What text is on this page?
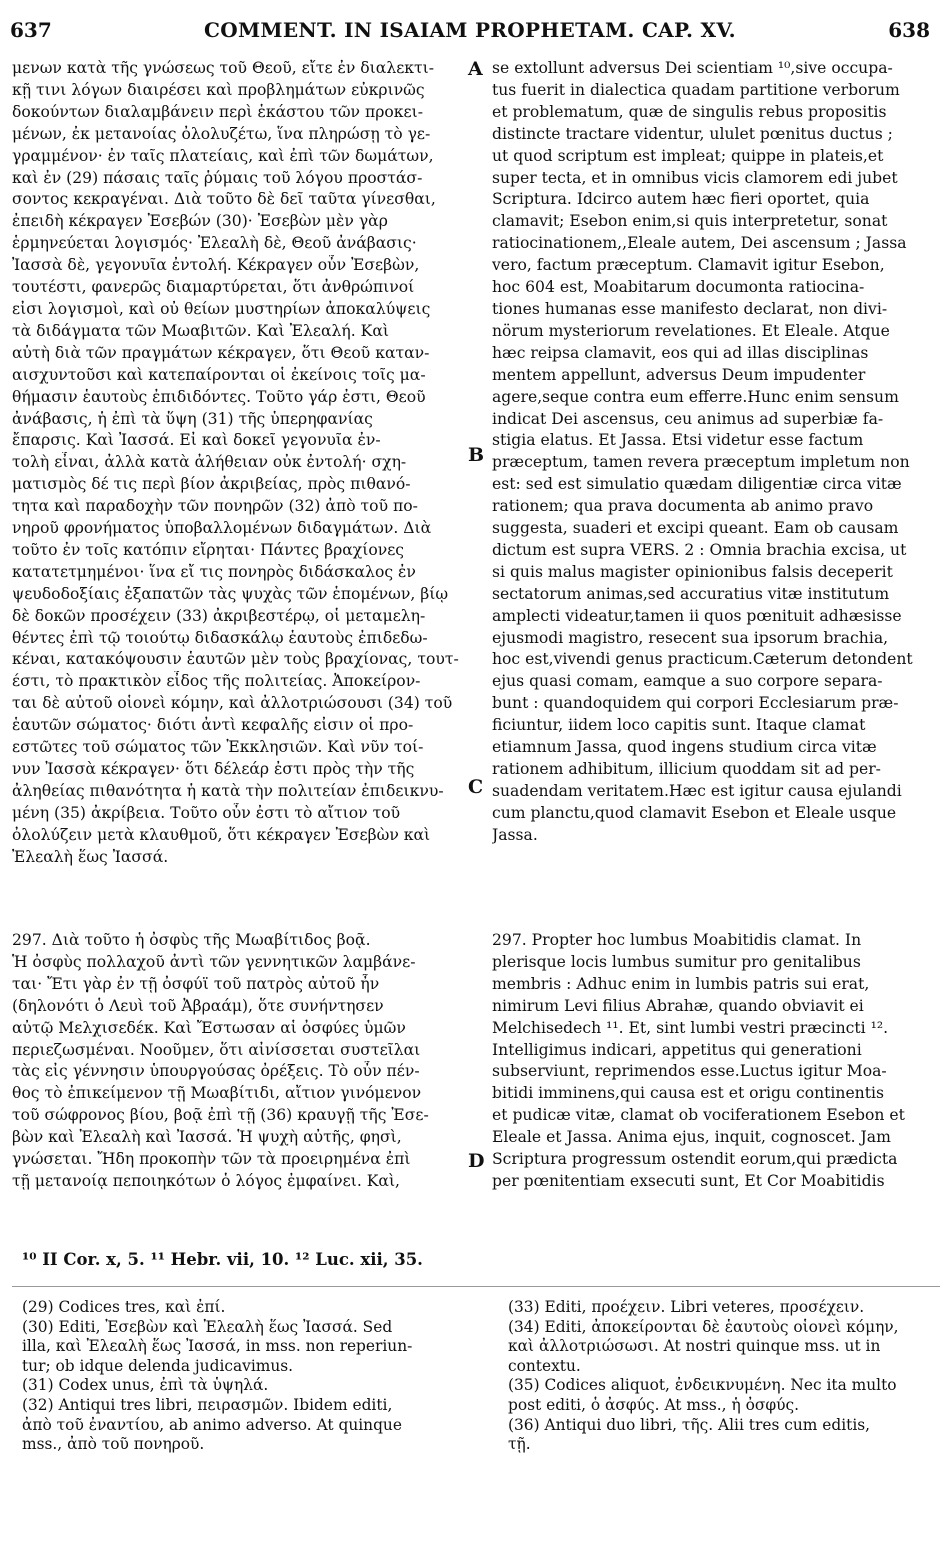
637	COMMENT. IN ISAIAM PROPHETAM. CAP. XV.	638
μενων κατὰ τῆς γνώσεως τοῦ Θεοῦ, εἴτε ἐν διαλεκτι-
κῇ τινι λόγων διαιρέσει καὶ προβλημάτων εὐκρινῶς
δοκούντων διαλαμβάνειν περὶ ἑκάστου τῶν προκει-
μένων, ἐκ μετανοίας ὀλολυζέτω, ἵνα πληρώσῃ τὸ γε-
γραμμένον· ἐν ταῖς πλατείαις, καὶ ἐπὶ τῶν δωμάτων,
καὶ ἐν (29) πάσαις ταῖς ῥύμαις τοῦ λόγου προστάσ-
σοντος κεκραγέναι. Διὰ τοῦτο δὲ δεῖ ταῦτα γίνεσθαι,
ἐπειδὴ κέκραγεν Ἐσεβών (30)· Ἐσεβὼν μὲν γὰρ
ἑρμηνεύεται λογισμός· Ἐλεαλὴ δὲ, Θεοῦ ἀνάβασις·
Ἰασσὰ δὲ, γεγονυῖα ἐντολή. Κέκραγεν οὖν Ἐσεβὼν,
τουτέστι, φανερῶς διαμαρτύρεται, ὅτι ἀνθρώπινοί
εἰσι λογισμοὶ, καὶ οὐ θείων μυστηρίων ἀποκαλύψεις
τὰ διδάγματα τῶν Μωαβιτῶν. Καὶ Ἐλεαλή. Καὶ
αὐτὴ διὰ τῶν πραγμάτων κέκραγεν, ὅτι Θεοῦ καταν-
αισχυντοῦσι καὶ κατεπαίρονται οἱ ἐκείνοις τοῖς μα-
θήμασιν ἑαυτοὺς ἐπιδιδόντες. Τοῦτο γάρ ἐστι, Θεοῦ
ἀνάβασις, ἡ ἐπὶ τὰ ὕψη (31) τῆς ὑπερηφανίας
ἔπαρσις. Καὶ Ἰασσά. Εἰ καὶ δοκεῖ γεγονυῖα ἐν-
τολὴ εἶναι, ἀλλὰ κατὰ ἀλήθειαν οὐκ ἐντολή· σχη-
ματισμὸς δέ τις περὶ βίον ἀκριβείας, πρὸς πιθανό-
τητα καὶ παραδοχὴν τῶν πονηρῶν (32) ἀπὸ τοῦ πο-
νηροῦ φρονήματος ὑποβαλλομένων διδαγμάτων. Διὰ
τοῦτο ἐν τοῖς κατόπιν εἴρηται· Πάντες βραχίονες
κατατετμημένοι· ἵνα εἴ τις πονηρὸς διδάσκαλος ἐν
ψευδοδοξίαις ἐξαπατῶν τὰς ψυχὰς τῶν ἑπομένων, βίῳ
δὲ δοκῶν προσέχειν (33) ἀκριβεστέρῳ, οἱ μεταμελη-
θέντες ἐπὶ τῷ τοιούτῳ διδασκάλῳ ἑαυτοὺς ἐπιδεδω-
κέναι, κατακόψουσιν ἑαυτῶν μὲν τοὺς βραχίονας, τουτ-
έστι, τὸ πρακτικὸν εἶδος τῆς πολιτείας. Ἀποκείρον-
ται δὲ αὐτοῦ οἱονεὶ κόμην, καὶ ἀλλοτριώσουσι (34) τοῦ
ἑαυτῶν σώματος· διότι ἀντὶ κεφαλῆς εἰσιν οἱ προ-
εστῶτες τοῦ σώματος τῶν Ἐκκλησιῶν. Καὶ νῦν τοί-
νυν Ἰασσὰ κέκραγεν· ὅτι δέλεάρ ἐστι πρὸς τὴν τῆς
ἀληθείας πιθανότητα ἡ κατὰ τὴν πολιτείαν ἐπιδεικνυ-
μένη (35) ἀκρίβεια. Τοῦτο οὖν ἐστι τὸ αἴτιον τοῦ
ὀλολύζειν μετὰ κλαυθμοῦ, ὅτι κέκραγεν Ἐσεβὼν καὶ
Ἐλεαλὴ ἕως Ἰασσά.
se extollunt adversus Dei scientiam ¹⁰,sive occupa-
tus fuerit in dialectica quadam partitione verborum
et problematum, quæ de singulis rebus propositis
distincte tractare videntur, ululet pœnitus ductus ;
ut quod scriptum est impleat; quippe in plateis,et
super tecta, et in omnibus vicis clamorem edi jubet
Scriptura. Idcirco autem hæc fieri oportet, quia
clamavit; Esebon enim,si quis interpretetur, sonat
ratiocinationem,,Eleale autem, Dei ascensum ; Jassa
vero, factum præceptum. Clamavit igitur Esebon,
hoc 604 est, Moabitarum documonta ratiocina-
tiones humanas esse manifesto declarat, non divi-
nörum mysteriorum revelationes. Et Eleale. Atque
hæc reipsa clamavit, eos qui ad illas disciplinas
mentem appellunt, adversus Deum impudenter
agere,seque contra eum efferre.Hunc enim sensum
indicat Dei ascensus, ceu animus ad superbiæ fa-
stigia elatus. Et Jassa. Etsi videtur esse factum
præceptum, tamen revera præceptum impletum non
est: sed est simulatio quædam diligentiæ circa vitæ
rationem; qua prava documenta ab animo pravo
suggesta, suaderi et excipi queant. Eam ob causam
dictum est supra VERS. 2 : Omnia brachia excisa, ut
si quis malus magister opinionibus falsis deceperit
sectatorum animas,sed accuratius vitæ institutum
amplecti videatur,tamen ii quos pœnituit adhæsisse
ejusmodi magistro, resecent sua ipsorum brachia,
hoc est,vivendi genus practicum.Cæterum detondent
ejus quasi comam, eamque a suo corpore separa-
bunt : quandoquidem qui corpori Ecclesiarum præ-
ficiuntur, iidem loco capitis sunt. Itaque clamat
etiamnum Jassa, quod ingens studium circa vitæ
rationem adhibitum, illicium quoddam sit ad per-
suadendam veritatem.Hæc est igitur causa ejulandi
cum planctu,quod clamavit Esebon et Eleale usque
Jassa.
297. Διὰ τοῦτο ἡ ὀσφὺς τῆς Μωαβίτιδος βοᾷ.
Ἡ ὀσφὺς πολλαχοῦ ἀντὶ τῶν γεννητικῶν λαμβάνε-
ται· Ἔτι γὰρ ἐν τῇ ὀσφύϊ τοῦ πατρὸς αὐτοῦ ἦν
(δηλονότι ὁ Λευὶ τοῦ Ἀβραάμ), ὅτε συνήντησεν
αὐτῷ Μελχισεδέκ. Καὶ Ἔστωσαν αἱ ὀσφύες ὑμῶν
περιεζωσμέναι. Νοοῦμεν, ὅτι αἰνίσσεται συστεῖλαι
τὰς εἰς γέννησιν ὑπουργούσας ὀρέξεις. Τὸ οὖν πέν-
θος τὸ ἐπικείμενον τῇ Μωαβίτιδι, αἴτιον γινόμενον
τοῦ σώφρονος βίου, βοᾷ ἐπὶ τῇ (36) κραυγῇ τῆς Ἐσε-
βὼν καὶ Ἐλεαλὴ καὶ Ἰασσά. Ἡ ψυχὴ αὐτῆς, φησὶ,
γνώσεται. Ἤδη προκοπὴν τῶν τὰ προειρημένα ἐπὶ
τῇ μετανοίᾳ πεποιηκότων ὁ λόγος ἐμφαίνει. Καὶ,
297. Propter hoc lumbus Moabitidis clamat. In
plerisque locis lumbus sumitur pro genitalibus
membris : Adhuc enim in lumbis patris sui erat,
nimirum Levi filius Abrahæ, quando obviavit ei
Melchisedech ¹¹. Et, sint lumbi vestri præcincti ¹².
Intelligimus indicari, appetitus qui generationi
subserviunt, reprimendos esse.Luctus igitur Moa-
bitidi imminens,qui causa est et origu continentis
et pudicæ vitæ, clamat ob vociferationem Esebon et
Eleale et Jassa. Anima ejus, inquit, cognoscet. Jam
Scriptura progressum ostendit eorum,qui prædicta
per pœnitentiam exsecuti sunt, Et Cor Moabitidis
A
B
C
D
¹⁰ II Cor. x, 5. ¹¹ Hebr. vii, 10. ¹² Luc. xii, 35.
(29) Codices tres, καὶ ἐπί.
(30) Editi, Ἐσεβὼν καὶ Ἐλεαλὴ ἕως Ἰασσά. Sed
illa, καὶ Ἐλεαλὴ ἕως Ἰασσά, in mss. non reperiun-
tur; ob idque delenda judicavimus.
(31) Codex unus, ἐπὶ τὰ ὑψηλά.
(32) Antiqui tres libri, πειρασμῶν. Ibidem editi,
ἀπὸ τοῦ ἐναντίου, ab animo adverso. At quinque
mss., ἀπὸ τοῦ πονηροῦ.
(33) Editi, προέχειν. Libri veteres, προσέχειν.
(34) Editi, ἀποκείρονται δὲ ἑαυτοὺς οἱονεὶ κόμην,
καὶ ἀλλοτριώσωσι. At nostri quinque mss. ut in
contextu.
(35) Codices aliquot, ἐνδεικνυμένη. Nec ita multo
post editi, ὁ ἀσφύς. At mss., ἡ ὀσφύς.
(36) Antiqui duo libri, τῆς. Alii tres cum editis,
τῇ.
